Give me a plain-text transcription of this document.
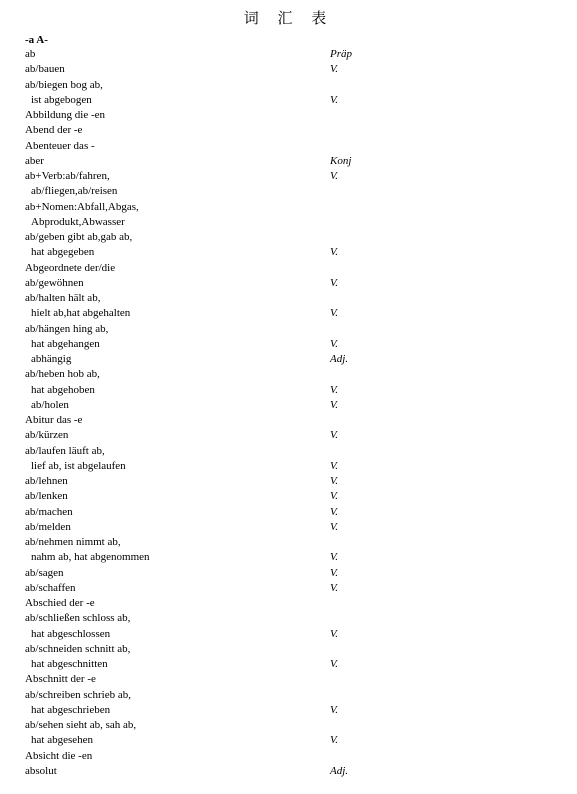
词 汇 表
-a A-
ab	Präp
ab/bauen	V.
ab/biegen bog ab,
ist abgebogen	V.
Abbildung die -en
Abend der -e
Abenteuer das -
aber	Konj
ab+Verb:ab/fahren,	V.
ab/fliegen,ab/reisen
ab+Nomen:Abfall,Abgas,
Abprodukt,Abwasser
ab/geben gibt ab,gab ab,
hat abgegeben	V.
Abgeordnete der/die
ab/gewöhnen	V.
ab/halten hält ab,
hielt ab,hat abgehalten	V.
ab/hängen hing ab,
hat abgehangen	V.
abhängig	Adj.
ab/heben hob ab,
hat abgehoben	V.
ab/holen	V.
Abitur das -e
ab/kürzen	V.
ab/laufen läuft ab,
lief ab, ist abgelaufen	V.
ab/lehnen	V.
ab/lenken	V.
ab/machen	V.
ab/melden	V.
ab/nehmen nimmt ab,
nahm ab, hat abgenommen	V.
ab/sagen	V.
ab/schaffen	V.
Abschied der -e
ab/schließen schloss ab,
hat abgeschlossen	V.
ab/schneiden schnitt ab,
hat abgeschnitten	V.
Abschnitt der -e
ab/schreiben schrieb ab,
hat abgeschrieben	V.
ab/sehen sieht ab, sah ab,
hat abgesehen	V.
Absicht die -en
absolut	Adj.
